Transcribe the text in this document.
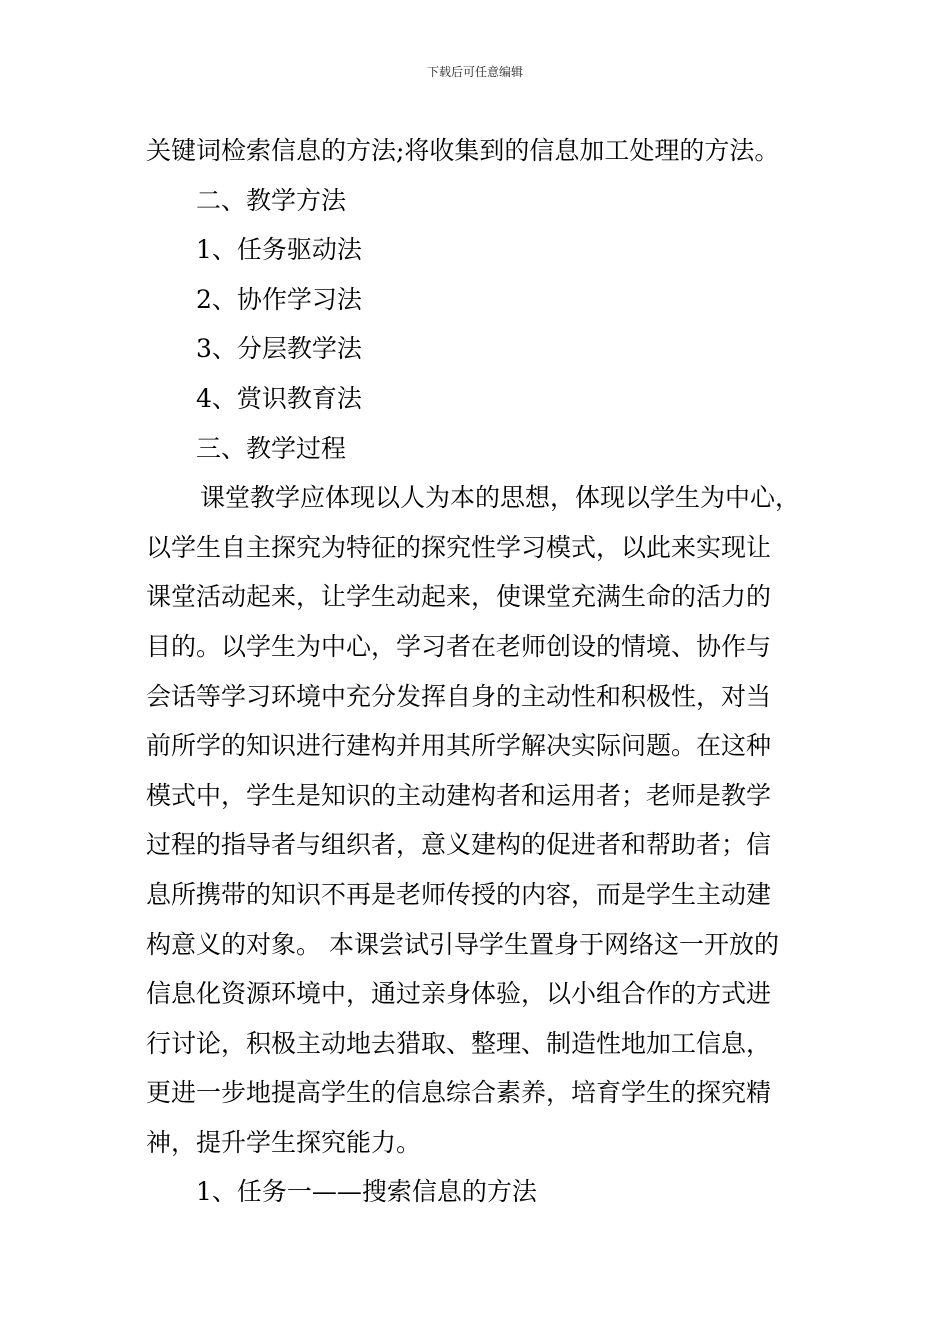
下载后可任意编辑
关键词检索信息的方法;将收集到的信息加工处理的方法。
二、教学方法
1、任务驱动法
2、协作学习法
3、分层教学法
4、赏识教育法
三、教学过程
课堂教学应体现以人为本的思想，体现以学生为中心，
以学生自主探究为特征的探究性学习模式，以此来实现让
课堂活动起来，让学生动起来，使课堂充满生命的活力的
目的。以学生为中心，学习者在老师创设的情境、协作与
会话等学习环境中充分发挥自身的主动性和积极性，对当
前所学的知识进行建构并用其所学解决实际问题。在这种
模式中，学生是知识的主动建构者和运用者；老师是教学
过程的指导者与组织者，意义建构的促进者和帮助者；信
息所携带的知识不再是老师传授的内容，而是学生主动建
构意义的对象。 本课尝试引导学生置身于网络这一开放的
信息化资源环境中，通过亲身体验，以小组合作的方式进
行讨论，积极主动地去猎取、整理、制造性地加工信息，
更进一步地提高学生的信息综合素养，培育学生的探究精
神，提升学生探究能力。
1、任务一——搜索信息的方法
